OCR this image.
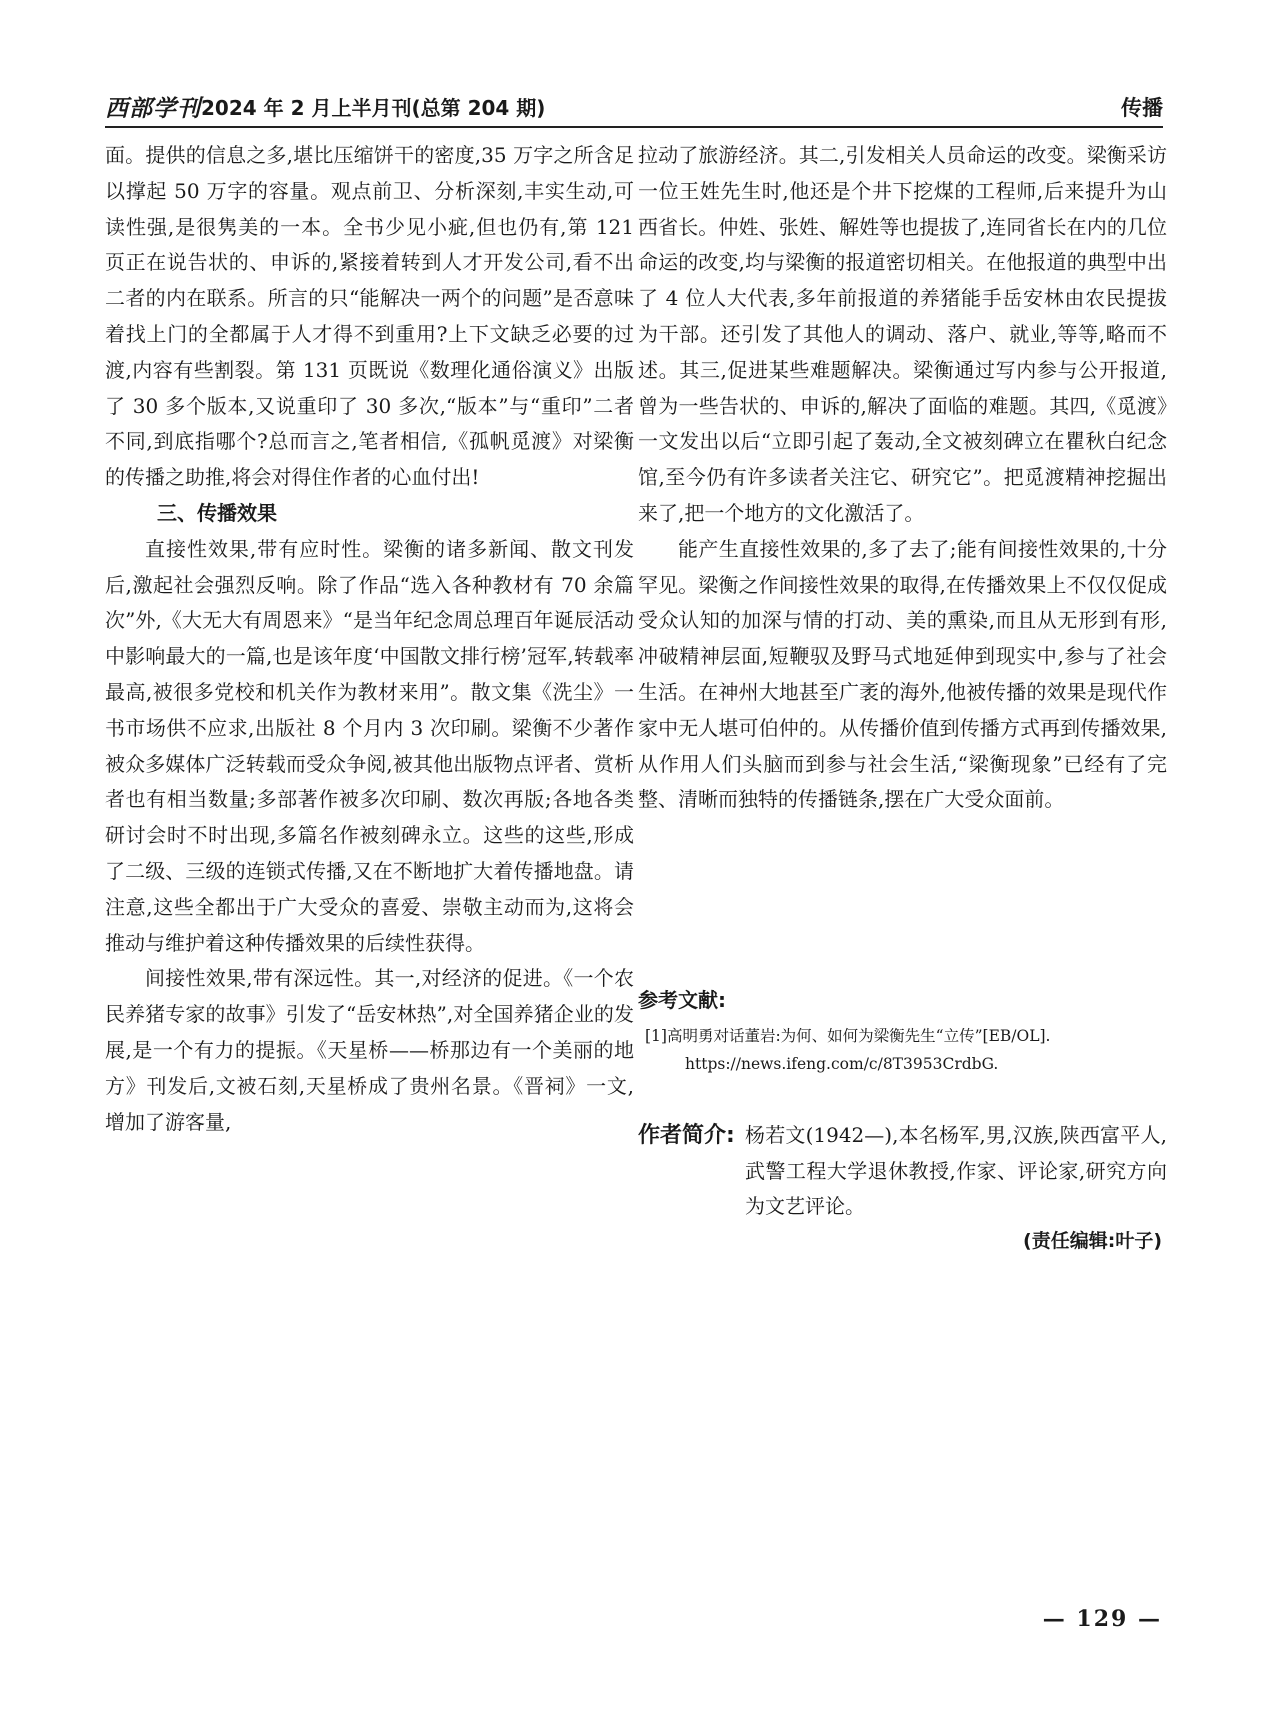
西部学刊 2024 年 2 月上半月刊(总第 204 期)	传播

面。提供的信息之多,堪比压缩饼干的密度,35 万字之所含足以撑起 50 万字的容量。观点前卫、分析深刻,丰实生动,可读性强,是很隽美的一本。全书少见小疵,但也仍有,第 121 页正在说告状的、申诉的,紧接着转到人才开发公司,看不出二者的内在联系。所言的只“能解决一两个的问题”是否意味着找上门的全都属于人才得不到重用?上下文缺乏必要的过渡,内容有些割裂。第 131 页既说《数理化通俗演义》出版了 30 多个版本,又说重印了 30 多次,“版本”与“重印”二者不同,到底指哪个?总而言之,笔者相信,《孤帆觅渡》对梁衡的传播之助推,将会对得住作者的心血付出!

三、传播效果

直接性效果,带有应时性。梁衡的诸多新闻、散文刊发后,激起社会强烈反响。除了作品“选入各种教材有 70 余篇次”外,《大无大有周恩来》“是当年纪念周总理百年诞辰活动中影响最大的一篇,也是该年度‘中国散文排行榜’冠军,转载率最高,被很多党校和机关作为教材来用”。散文集《洗尘》一书市场供不应求,出版社 8 个月内 3 次印刷。梁衡不少著作被众多媒体广泛转载而受众争阅,被其他出版物点评者、赏析者也有相当数量;多部著作被多次印刷、数次再版;各地各类研讨会时不时出现,多篇名作被刻碑永立。这些的这些,形成了二级、三级的连锁式传播,又在不断地扩大着传播地盘。请注意,这些全都出于广大受众的喜爱、崇敬主动而为,这将会推动与维护着这种传播效果的后续性获得。

间接性效果,带有深远性。其一,对经济的促进。《一个农民养猪专家的故事》引发了“岳安林热”,对全国养猪企业的发展,是一个有力的提振。《天星桥——桥那边有一个美丽的地方》刊发后,文被石刻,天星桥成了贵州名景。《晋祠》一文,增加了游客量,

拉动了旅游经济。其二,引发相关人员命运的改变。梁衡采访一位王姓先生时,他还是个井下挖煤的工程师,后来提升为山西省长。仲姓、张姓、解姓等也提拔了,连同省长在内的几位命运的改变,均与梁衡的报道密切相关。在他报道的典型中出了 4 位人大代表,多年前报道的养猪能手岳安林由农民提拔为干部。还引发了其他人的调动、落户、就业,等等,略而不述。其三,促进某些难题解决。梁衡通过写内参与公开报道,曾为一些告状的、申诉的,解决了面临的难题。其四,《觅渡》一文发出以后“立即引起了轰动,全文被刻碑立在瞿秋白纪念馆,至今仍有许多读者关注它、研究它”。把觅渡精神挖掘出来了,把一个地方的文化激活了。

能产生直接性效果的,多了去了;能有间接性效果的,十分罕见。梁衡之作间接性效果的取得,在传播效果上不仅仅促成受众认知的加深与情的打动、美的熏染,而且从无形到有形,冲破精神层面,短鞭驭及野马式地延伸到现实中,参与了社会生活。在神州大地甚至广袤的海外,他被传播的效果是现代作家中无人堪可伯仲的。从传播价值到传播方式再到传播效果,从作用人们头脑而到参与社会生活,“梁衡现象”已经有了完整、清晰而独特的传播链条,摆在广大受众面前。

参考文献:
[1]高明勇对话董岩:为何、如何为梁衡先生“立传”[EB/OL].
https://news.ifeng.com/c/8T3953CrdbG.
作者简介: 杨若文(1942—),本名杨军,男,汉族,陕西富平人,武警工程大学退休教授,作家、评论家,研究方向为文艺评论。
(责任编辑:叶子)
— 129 —
